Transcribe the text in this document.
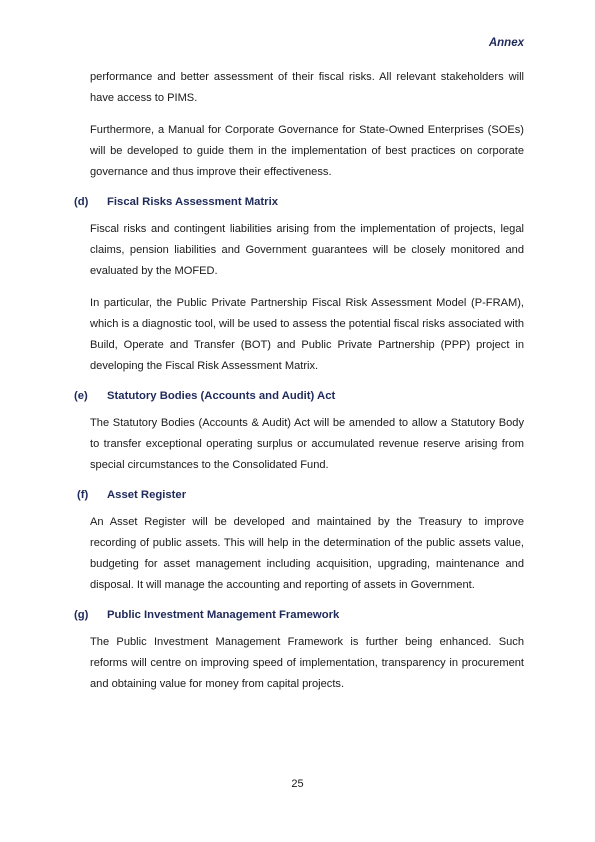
Annex

performance and better assessment of their fiscal risks. All relevant stakeholders will have access to PIMS.

Furthermore, a Manual for Corporate Governance for State-Owned Enterprises (SOEs) will be developed to guide them in the implementation of best practices on corporate governance and thus improve their effectiveness.

(d)	Fiscal Risks Assessment Matrix

Fiscal risks and contingent liabilities arising from the implementation of projects, legal claims, pension liabilities and Government guarantees will be closely monitored and evaluated by the MOFED.

In particular, the Public Private Partnership Fiscal Risk Assessment Model (P-FRAM), which is a diagnostic tool, will be used to assess the potential fiscal risks associated with Build, Operate and Transfer (BOT) and Public Private Partnership (PPP) project in developing the Fiscal Risk Assessment Matrix.

(e)	Statutory Bodies (Accounts and Audit) Act

The Statutory Bodies (Accounts & Audit) Act will be amended to allow a Statutory Body to transfer exceptional operating surplus or accumulated revenue reserve arising from special circumstances to the Consolidated Fund.

(f)	Asset Register

An Asset Register will be developed and maintained by the Treasury to improve recording of public assets. This will help in the determination of the public assets value, budgeting for asset management including acquisition, upgrading, maintenance and disposal. It will manage the accounting and reporting of assets in Government.

(g)	Public Investment Management Framework

The Public Investment Management Framework is further being enhanced. Such reforms will centre on improving speed of implementation, transparency in procurement and obtaining value for money from capital projects.

25
